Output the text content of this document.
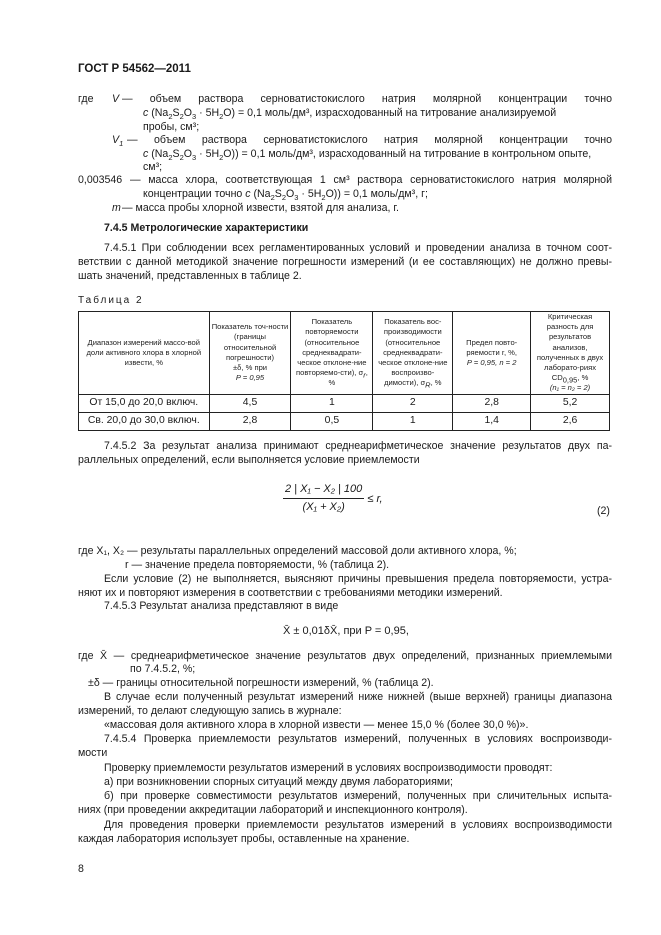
ГОСТ Р 54562—2011
где V — объем раствора серноватистокислого натрия молярной концентрации точно
c $(Na_2S_2O_3 \cdot 5H_2O) = 0,1$ моль/дм³, израсходованный на титрование анализируемой
пробы, см³;
$V_1$ — объем раствора серноватистокислого натрия молярной концентрации точно
c $(Na_2S_2O_3 \cdot 5H_2O)) = 0,1$ моль/дм³, израсходованный на титрование в контрольном опыте,
см³;
0,003546 — масса хлора, соответствующая 1 см³ раствора серноватистокислого натрия молярной
концентрации точно c $(Na_2S_2O_3 \cdot 5H_2O)) = 0,1$ моль/дм³, г;
m — масса пробы хлорной извести, взятой для анализа, г.
7.4.5 Метрологические характеристики
7.4.5.1 При соблюдении всех регламентированных условий и проведении анализа в точном соот-
ветствии с данной методикой значение погрешности измерений (и ее составляющих) не должно превы-
шать значений, представленных в таблице 2.
Таблица 2
Диапазон измерений массо-вой доли активного хлора в хлорной извести, %	Показатель точ-ности (границы относительной погрешности)
±δ, % при
P = 0,95	Показатель повторяемости (относительное среднеквадрати-ческое отклоне-ние повторяемо-сти), $\sigma_r$, %	Показатель вос-производимости (относительное среднеквадрати-ческое отклоне-ние воспроизво-димости), $\sigma_R$, %	Предел повто-ряемости r, %,
P = 0,95, n = 2	Критическая разность для результатов анализов, полученных в двух лаборато-риях $CD_{0,95}$, %
(n₁ = n₂ = 2)
От 15,0 до 20,0 включ.	4,5	1	2	2,8	5,2
Св. 20,0 до 30,0 включ.	2,8	0,5	1	1,4	2,6
7.4.5.2 За результат анализа принимают среднеарифметическое значение результатов двух па-
раллельных определений, если выполняется условие приемлемости
$\frac{\text{2 | X₁ − X₂ | 100}}{\text{(X₁ + X₂)}} \le r$,
(2)
где X₁, X₂ — результаты параллельных определений массовой доли активного хлора, %;
r — значение предела повторяемости, % (таблица 2).
Если условие (2) не выполняется, выясняют причины превышения предела повторяемости, устра-
няют их и повторяют измерения в соответствии с требованиями методики измерений.
7.4.5.3 Результат анализа представляют в виде
X̄ ± 0,01δX̄, при P = 0,95,
где X̄ — среднеарифметическое значение результатов двух определений, признанных приемлемыми
по 7.4.5.2, %;
±δ — границы относительной погрешности измерений, % (таблица 2).
В случае если полученный результат измерений ниже нижней (выше верхней) границы диапазона
измерений, то делают следующую запись в журнале:
«массовая доля активного хлора в хлорной извести — менее 15,0 % (более 30,0 %)».
7.4.5.4 Проверка приемлемости результатов измерений, полученных в условиях воспроизводи-
мости
Проверку приемлемости результатов измерений в условиях воспроизводимости проводят:
а) при возникновении спорных ситуаций между двумя лабораториями;
б) при проверке совместимости результатов измерений, полученных при сличительных испыта-
ниях (при проведении аккредитации лабораторий и инспекционного контроля).
Для проведения проверки приемлемости результатов измерений в условиях воспроизводимости
каждая лаборатория использует пробы, оставленные на хранение.
8
